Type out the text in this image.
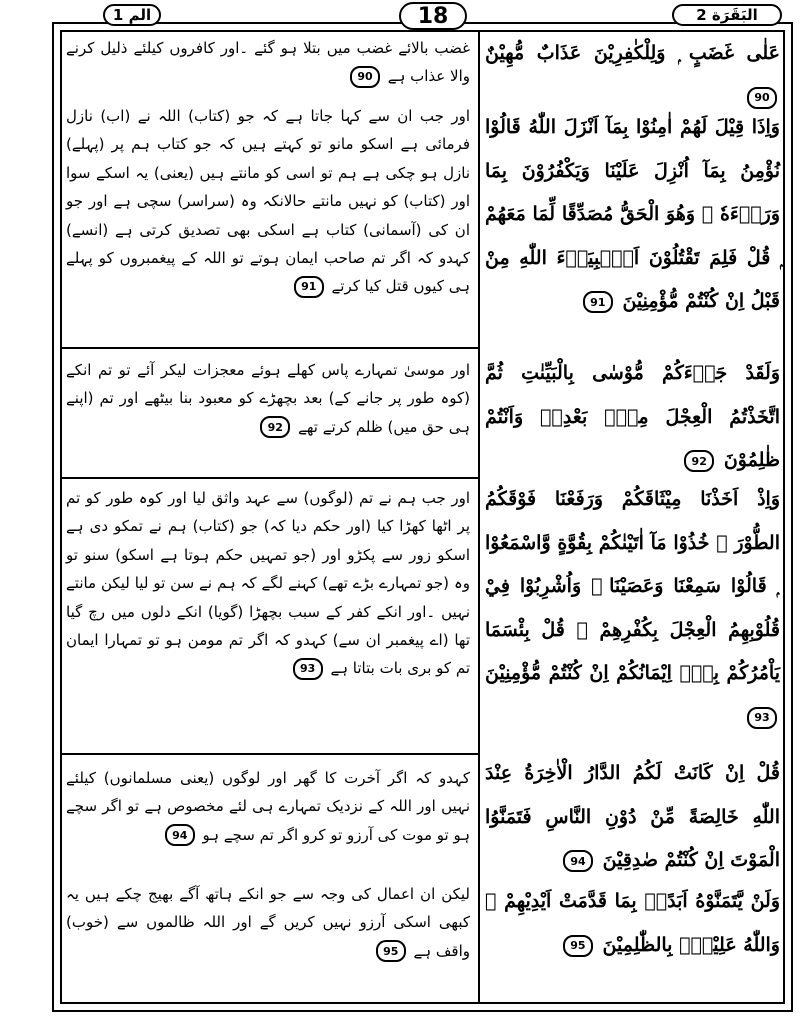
الم 1	18	البَقَرَة 2
عَلٰى غَضَبٍ ۭ وَلِلْكٰفِرِيْنَ عَذَابٌ مُّهِيْنٌ 90
غضب بالائے غضب میں بتلا ہو گئے ۔اور کافروں کیلئے ذلیل کرنے والا عذاب ہے 90
وَاِذَا قِيْلَ لَھُمْ اٰمِنُوْا بِمَآ اَنْزَلَ اللّٰهُ قَالُوْا نُؤْمِنُ بِمَآ اُنْزِلَ عَلَيْنَا وَيَكْفُرُوْنَ بِمَا وَرَاۗءَهٗ ۤ وَھُوَ الْحَقُّ مُصَدِّقًا لِّمَا مَعَھُمْ ۭ قُلْ فَلِمَ تَقْتُلُوْنَ اَنْۢبِيَاۗءَ اللّٰهِ مِنْ قَبْلُ اِنْ كُنْتُمْ مُّؤْمِنِيْنَ 91
اور جب ان سے کہا جاتا ہے کہ جو (کتاب) اللہ نے (اب) نازل فرمائی ہے اسکو مانو تو کہتے ہیں کہ جو کتاب ہم پر (پہلے) نازل ہو چکی ہے ہم تو اسی کو مانتے ہیں (یعنی) یہ اسکے سوا اور (کتاب) کو نہیں مانتے حالانکہ وہ (سراسر) سچی ہے اور جو ان کی (آسمانی) کتاب ہے اسکی بھی تصدیق کرتی ہے (انسے) کہدو کہ اگر تم صاحب ایمان ہوتے تو اللہ کے پیغمبروں کو پہلے ہی کیوں قتل کیا کرتے 91
وَلَقَدْ جَاۗءَكُمْ مُّوْسٰى بِالْبَيِّنٰتِ ثُمَّ اتَّخَذْتُمُ الْعِجْلَ مِنْۢ بَعْدِهٖ وَاَنْتُمْ ظٰلِمُوْنَ 92
اور موسیٰ تمہارے پاس کھلے ہوئے معجزات لیکر آئے تو تم انکے (کوہ طور پر جانے کے) بعد بچھڑے کو معبود بنا بیٹھے اور تم (اپنے ہی حق میں) ظلم کرتے تھے 92
وَاِذْ اَخَذْنَا مِيْثَاقَكُمْ وَرَفَعْنَا فَوْقَكُمُ الطُّوْرَ ۭ خُذُوْا مَآ اٰتَيْنٰكُمْ بِقُوَّةٍ وَّاسْمَعُوْا ۭ قَالُوْا سَمِعْنَا وَعَصَيْنَا ۤ وَاُشْرِبُوْا فِيْ قُلُوْبِهِمُ الْعِجْلَ بِكُفْرِهِمْ ۭ قُلْ بِئْسَمَا يَاْمُرُكُمْ بِهٖٓ اِيْمَانُكُمْ اِنْ كُنْتُمْ مُّؤْمِنِيْنَ 93
اور جب ہم نے تم (لوگوں) سے عہد واثق لیا اور کوہ طور کو تم پر اٹھا کھڑا کیا (اور حکم دیا کہ) جو (کتاب) ہم نے تمکو دی ہے اسکو زور سے پکڑو اور (جو تمہیں حکم ہوتا ہے اسکو) سنو تو وہ (جو تمہارے بڑے تھے) کہنے لگے کہ ہم نے سن تو لیا لیکن مانتے نہیں ۔اور انکے کفر کے سبب بچھڑا (گویا) انکے دلوں میں رچ گیا تھا (اے پیغمبر ان سے) کہدو کہ اگر تم مومن ہو تو تمہارا ایمان تم کو بری بات بتاتا ہے 93
قُلْ اِنْ كَانَتْ لَكُمُ الدَّارُ الْاٰخِرَةُ عِنْدَ اللّٰهِ خَالِصَةً مِّنْ دُوْنِ النَّاسِ فَتَمَنَّوُا الْمَوْتَ اِنْ كُنْتُمْ صٰدِقِيْنَ 94
کہدو کہ اگر آخرت کا گھر اور لوگوں (یعنی مسلمانوں) کیلئے نہیں اور اللہ کے نزدیک تمہارے ہی لئے مخصوص ہے تو اگر سچے ہو تو موت کی آرزو تو کرو اگر تم سچے ہو 94
وَلَنْ يَّتَمَنَّوْهُ اَبَدًاۢ بِمَا قَدَّمَتْ اَيْدِيْهِمْ ۭ وَاللّٰهُ عَلِيْمٌۢ بِالظّٰلِمِيْنَ 95
لیکن ان اعمال کی وجہ سے جو انکے ہاتھ آگے بھیج چکے ہیں یہ کبھی اسکی آرزو نہیں کریں گے اور اللہ ظالموں سے (خوب) واقف ہے 95
